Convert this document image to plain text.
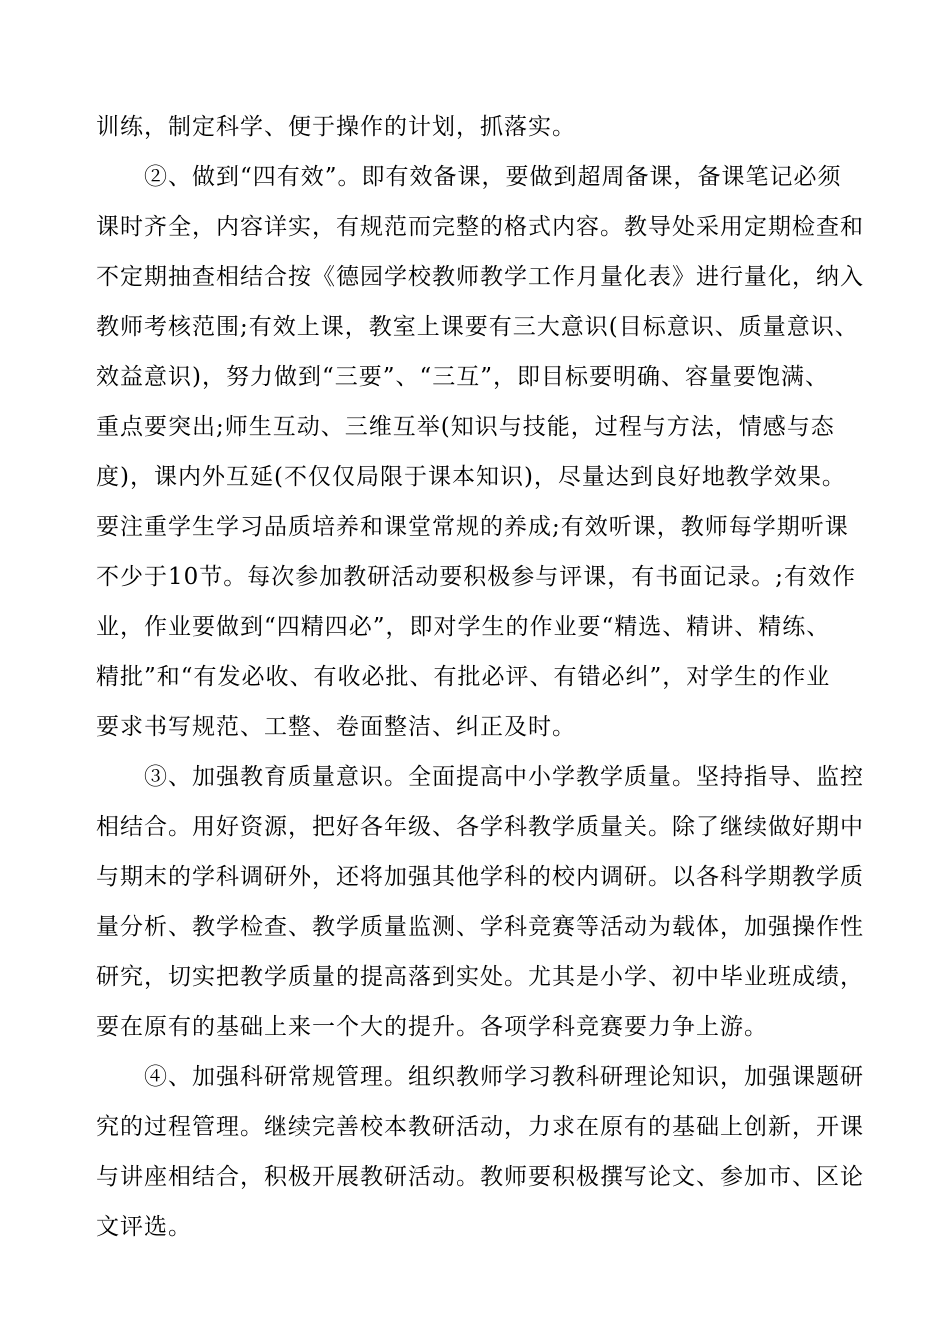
训练，制定科学、便于操作的计划，抓落实。
②、做到“四有效”。即有效备课，要做到超周备课，备课笔记必须
课时齐全，内容详实，有规范而完整的格式内容。教导处采用定期检查和
不定期抽查相结合按《德园学校教师教学工作月量化表》进行量化，纳入
教师考核范围;有效上课，教室上课要有三大意识(目标意识、质量意识、
效益意识)，努力做到“三要”、“三互”，即目标要明确、容量要饱满、
重点要突出;师生互动、三维互举(知识与技能，过程与方法，情感与态
度)，课内外互延(不仅仅局限于课本知识)，尽量达到良好地教学效果。
要注重学生学习品质培养和课堂常规的养成;有效听课，教师每学期听课
不少于10节。每次参加教研活动要积极参与评课，有书面记录。;有效作
业，作业要做到“四精四必”，即对学生的作业要“精选、精讲、精练、
精批”和“有发必收、有收必批、有批必评、有错必纠”，对学生的作业
要求书写规范、工整、卷面整洁、纠正及时。
③、加强教育质量意识。全面提高中小学教学质量。坚持指导、监控
相结合。用好资源，把好各年级、各学科教学质量关。除了继续做好期中
与期末的学科调研外，还将加强其他学科的校内调研。以各科学期教学质
量分析、教学检查、教学质量监测、学科竞赛等活动为载体，加强操作性
研究，切实把教学质量的提高落到实处。尤其是小学、初中毕业班成绩，
要在原有的基础上来一个大的提升。各项学科竞赛要力争上游。
④、加强科研常规管理。组织教师学习教科研理论知识，加强课题研
究的过程管理。继续完善校本教研活动，力求在原有的基础上创新，开课
与讲座相结合，积极开展教研活动。教师要积极撰写论文、参加市、区论
文评选。
